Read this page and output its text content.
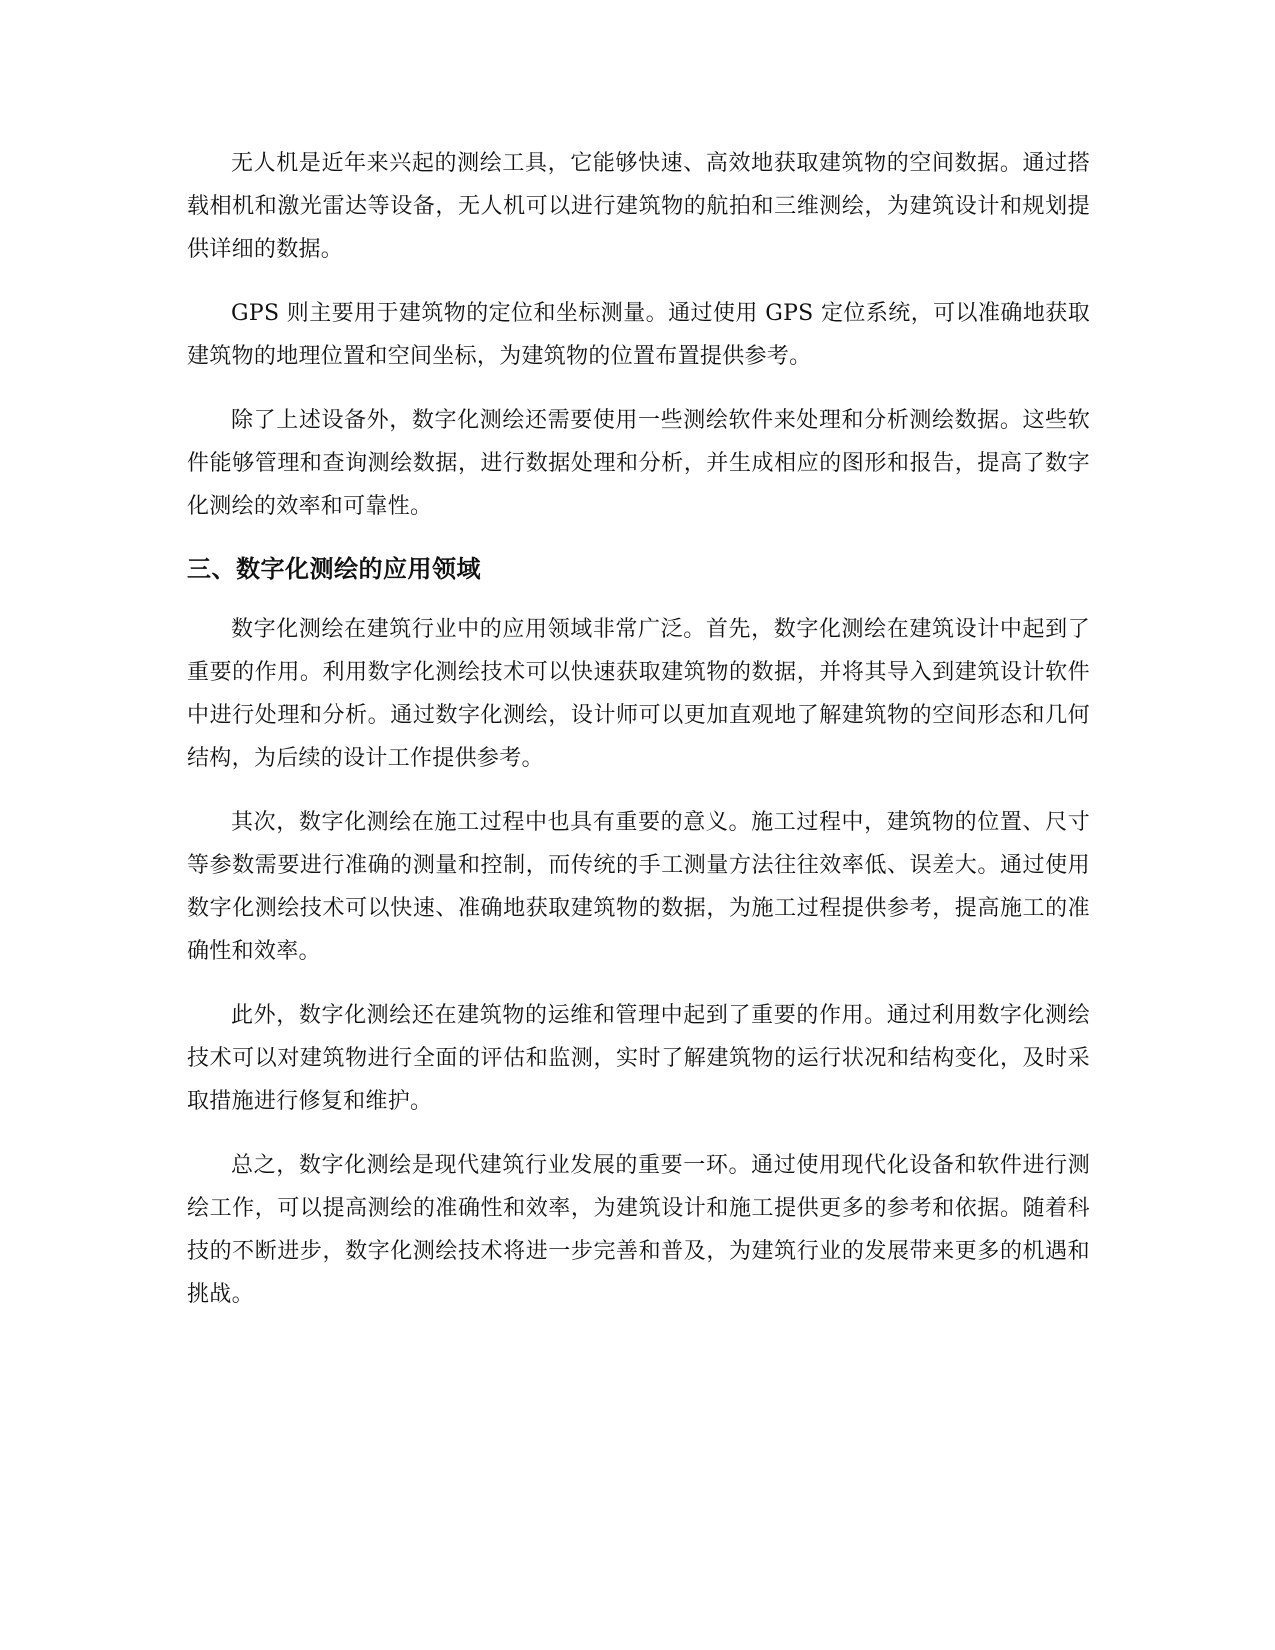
无人机是近年来兴起的测绘工具，它能够快速、高效地获取建筑物的空间数据。通过搭载相机和激光雷达等设备，无人机可以进行建筑物的航拍和三维测绘，为建筑设计和规划提供详细的数据。

GPS 则主要用于建筑物的定位和坐标测量。通过使用 GPS 定位系统，可以准确地获取建筑物的地理位置和空间坐标，为建筑物的位置布置提供参考。

除了上述设备外，数字化测绘还需要使用一些测绘软件来处理和分析测绘数据。这些软件能够管理和查询测绘数据，进行数据处理和分析，并生成相应的图形和报告，提高了数字化测绘的效率和可靠性。

三、数字化测绘的应用领域

数字化测绘在建筑行业中的应用领域非常广泛。首先，数字化测绘在建筑设计中起到了重要的作用。利用数字化测绘技术可以快速获取建筑物的数据，并将其导入到建筑设计软件中进行处理和分析。通过数字化测绘，设计师可以更加直观地了解建筑物的空间形态和几何结构，为后续的设计工作提供参考。

其次，数字化测绘在施工过程中也具有重要的意义。施工过程中，建筑物的位置、尺寸等参数需要进行准确的测量和控制，而传统的手工测量方法往往效率低、误差大。通过使用数字化测绘技术可以快速、准确地获取建筑物的数据，为施工过程提供参考，提高施工的准确性和效率。

此外，数字化测绘还在建筑物的运维和管理中起到了重要的作用。通过利用数字化测绘技术可以对建筑物进行全面的评估和监测，实时了解建筑物的运行状况和结构变化，及时采取措施进行修复和维护。

总之，数字化测绘是现代建筑行业发展的重要一环。通过使用现代化设备和软件进行测绘工作，可以提高测绘的准确性和效率，为建筑设计和施工提供更多的参考和依据。随着科技的不断进步，数字化测绘技术将进一步完善和普及，为建筑行业的发展带来更多的机遇和挑战。
